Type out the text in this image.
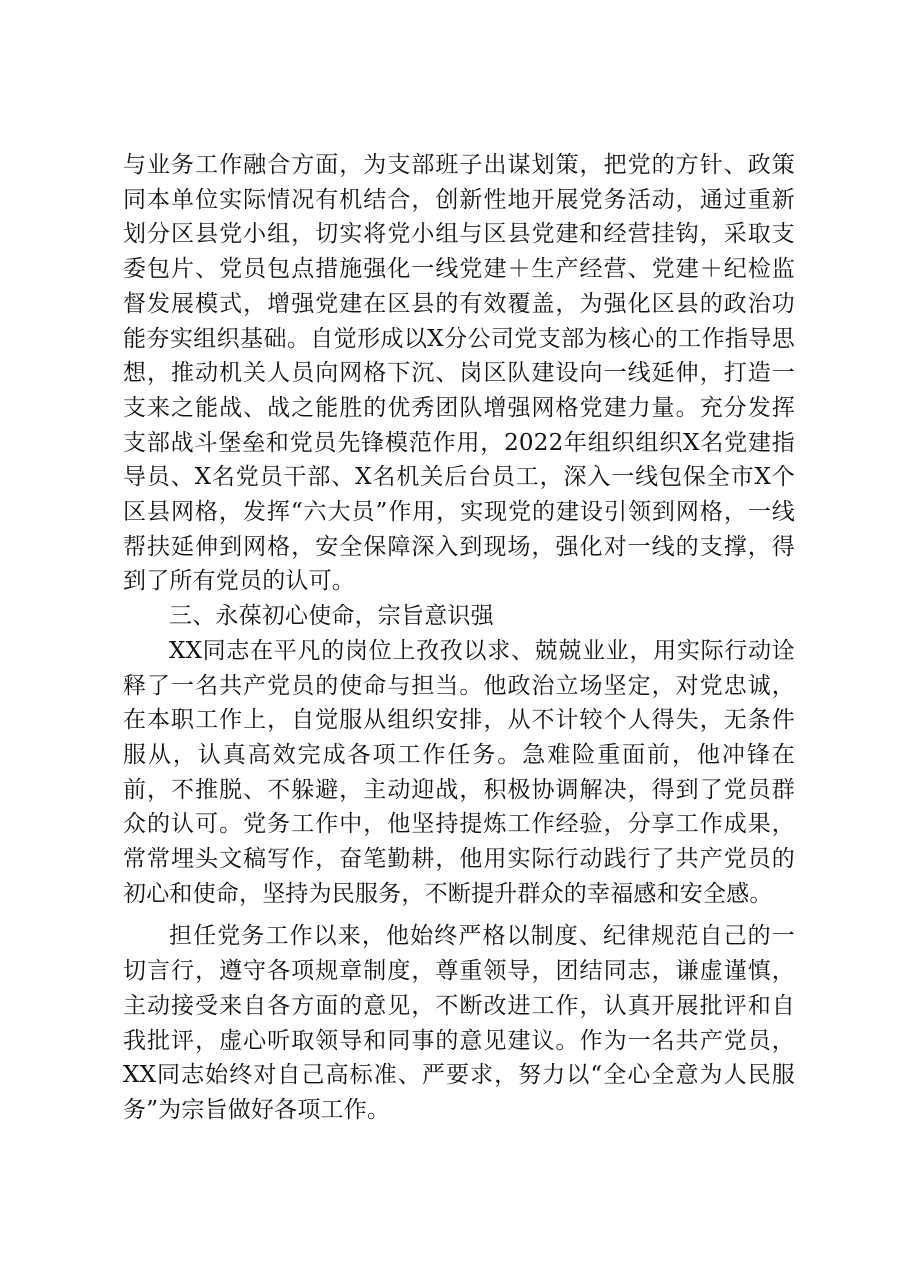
与业务工作融合方面，为支部班子出谋划策，把党的方针、政策同本单位实际情况有机结合，创新性地开展党务活动，通过重新划分区县党小组，切实将党小组与区县党建和经营挂钩，采取支委包片、党员包点措施强化一线党建＋生产经营、党建＋纪检监督发展模式，增强党建在区县的有效覆盖，为强化区县的政治功能夯实组织基础。自觉形成以X分公司党支部为核心的工作指导思想，推动机关人员向网格下沉、岗区队建设向一线延伸，打造一支来之能战、战之能胜的优秀团队增强网格党建力量。充分发挥支部战斗堡垒和党员先锋模范作用，2022年组织组织X名党建指导员、X名党员干部、X名机关后台员工，深入一线包保全市X个区县网格，发挥“六大员”作用，实现党的建设引领到网格，一线帮扶延伸到网格，安全保障深入到现场，强化对一线的支撑，得到了所有党员的认可。

三、永葆初心使命，宗旨意识强

XX同志在平凡的岗位上孜孜以求、兢兢业业，用实际行动诠释了一名共产党员的使命与担当。他政治立场坚定，对党忠诚，在本职工作上，自觉服从组织安排，从不计较个人得失，无条件服从，认真高效完成各项工作任务。急难险重面前，他冲锋在前，不推脱、不躲避，主动迎战，积极协调解决，得到了党员群众的认可。党务工作中，他坚持提炼工作经验，分享工作成果，常常埋头文稿写作，奋笔勤耕，他用实际行动践行了共产党员的初心和使命，坚持为民服务，不断提升群众的幸福感和安全感。

担任党务工作以来，他始终严格以制度、纪律规范自己的一切言行，遵守各项规章制度，尊重领导，团结同志，谦虚谨慎，主动接受来自各方面的意见，不断改进工作，认真开展批评和自我批评，虚心听取领导和同事的意见建议。作为一名共产党员，XX同志始终对自己高标准、严要求，努力以“全心全意为人民服务”为宗旨做好各项工作。
